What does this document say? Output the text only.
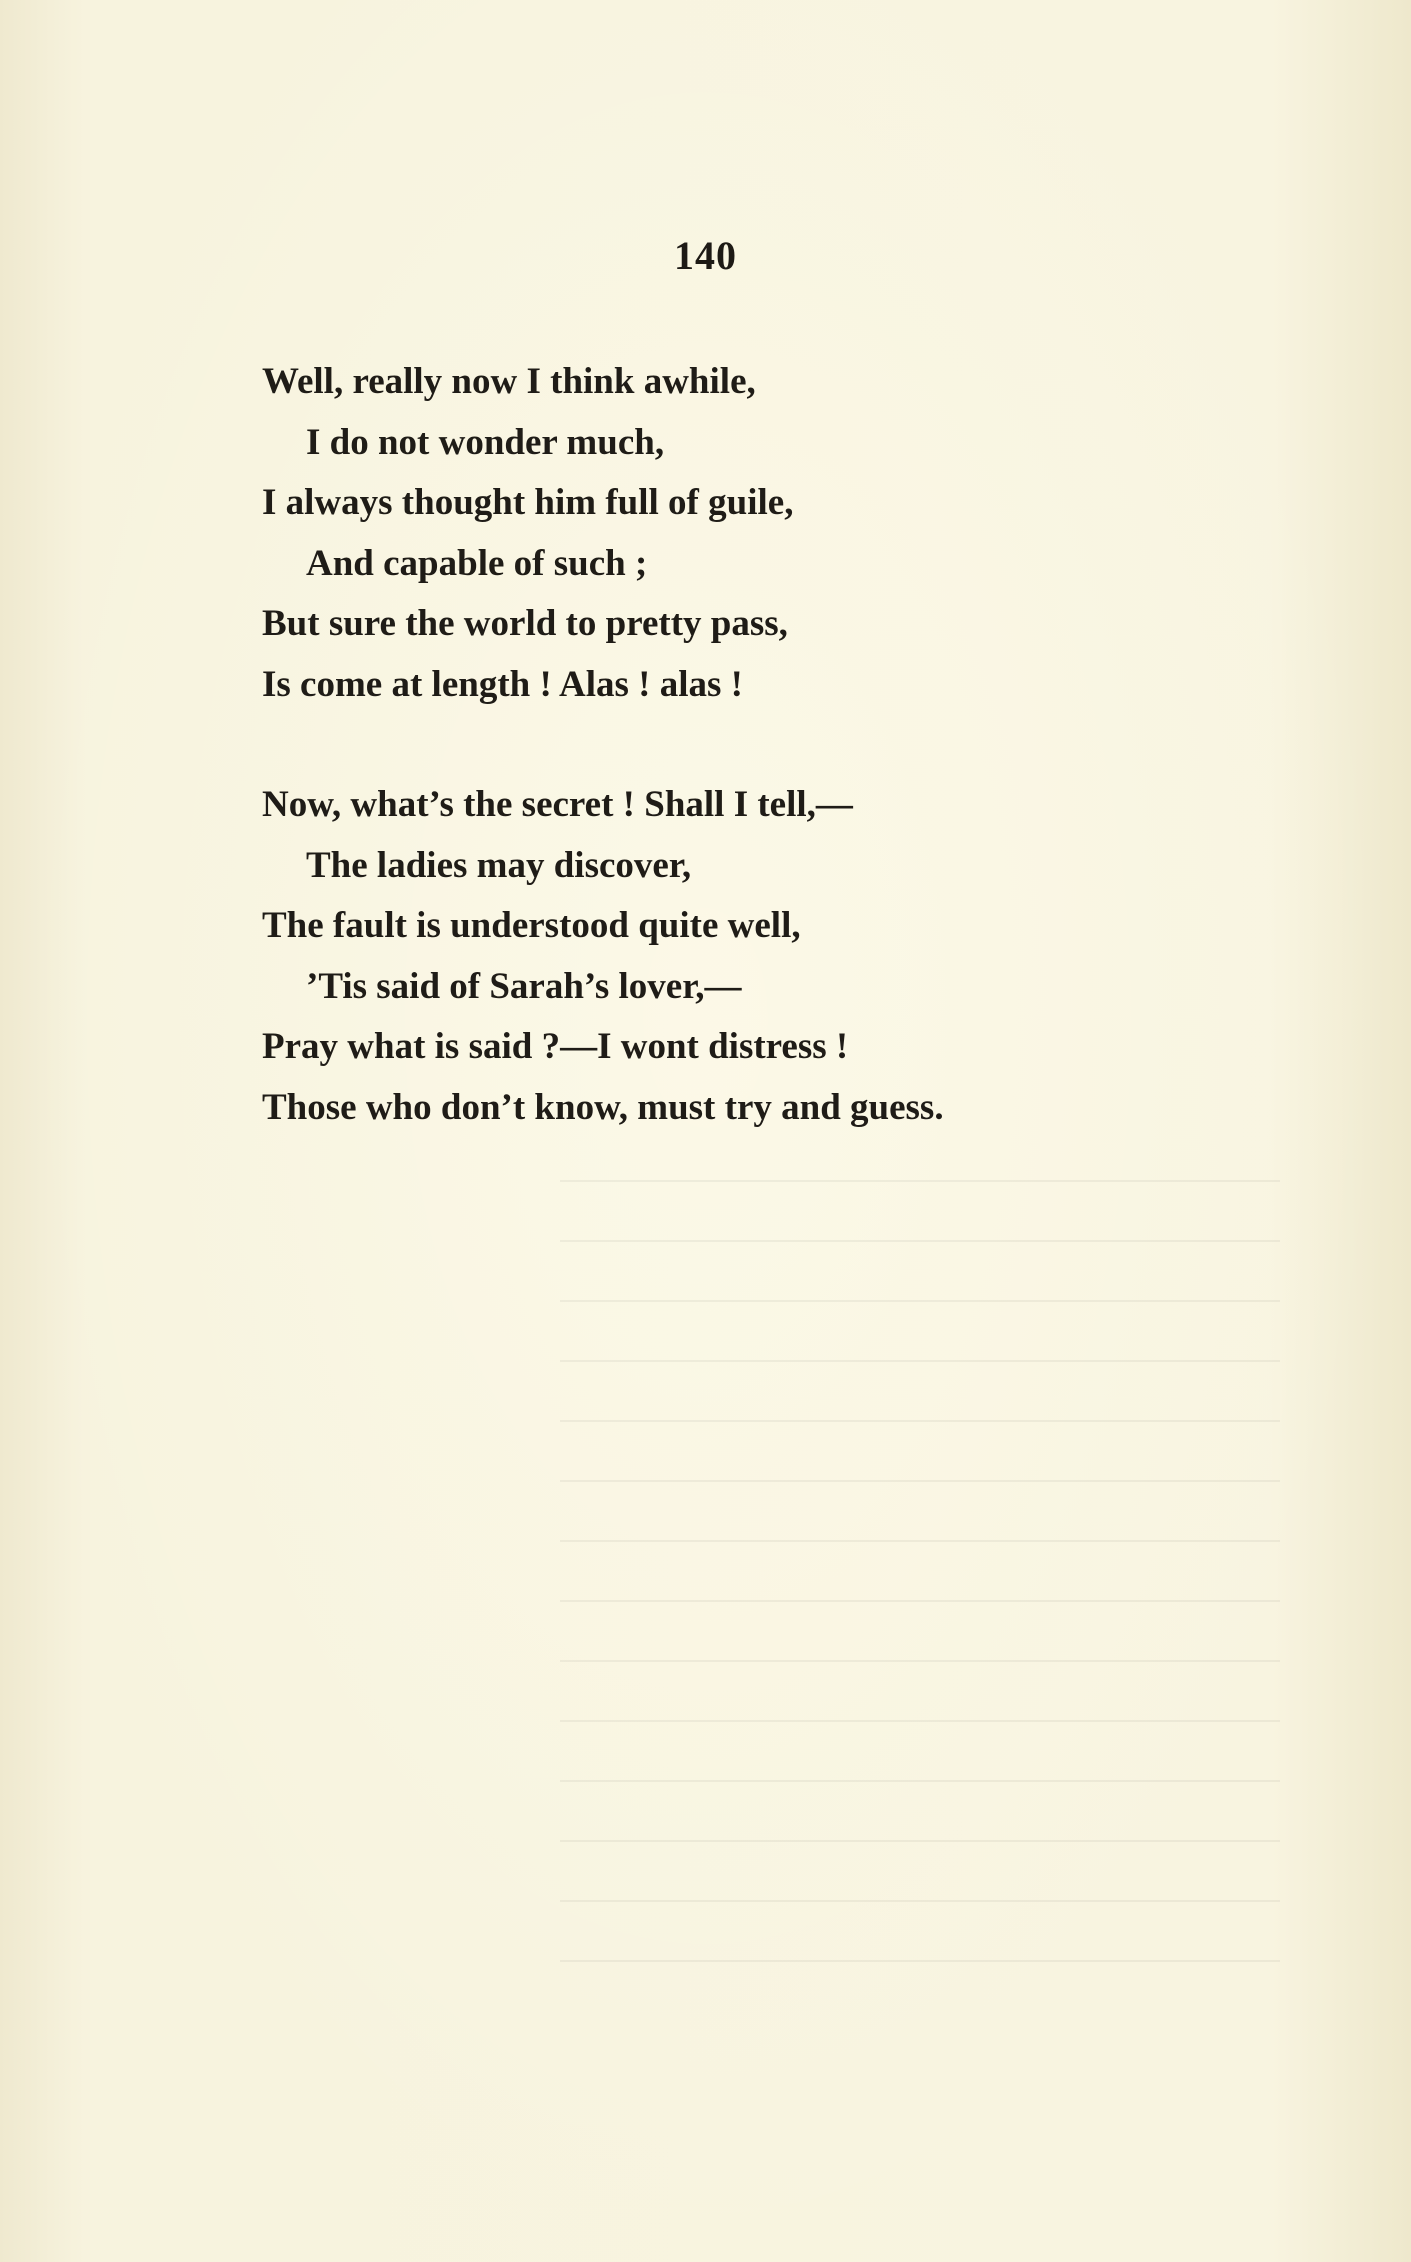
140
Well, really now I think awhile,
I do not wonder much,
I always thought him full of guile,
And capable of such ;
But sure the world to pretty pass,
Is come at length ! Alas ! alas !
Now, what’s the secret ! Shall I tell,—
The ladies may discover,
The fault is understood quite well,
’Tis said of Sarah’s lover,—
Pray what is said ?—I wont distress !
Those who don’t know, must try and guess.
